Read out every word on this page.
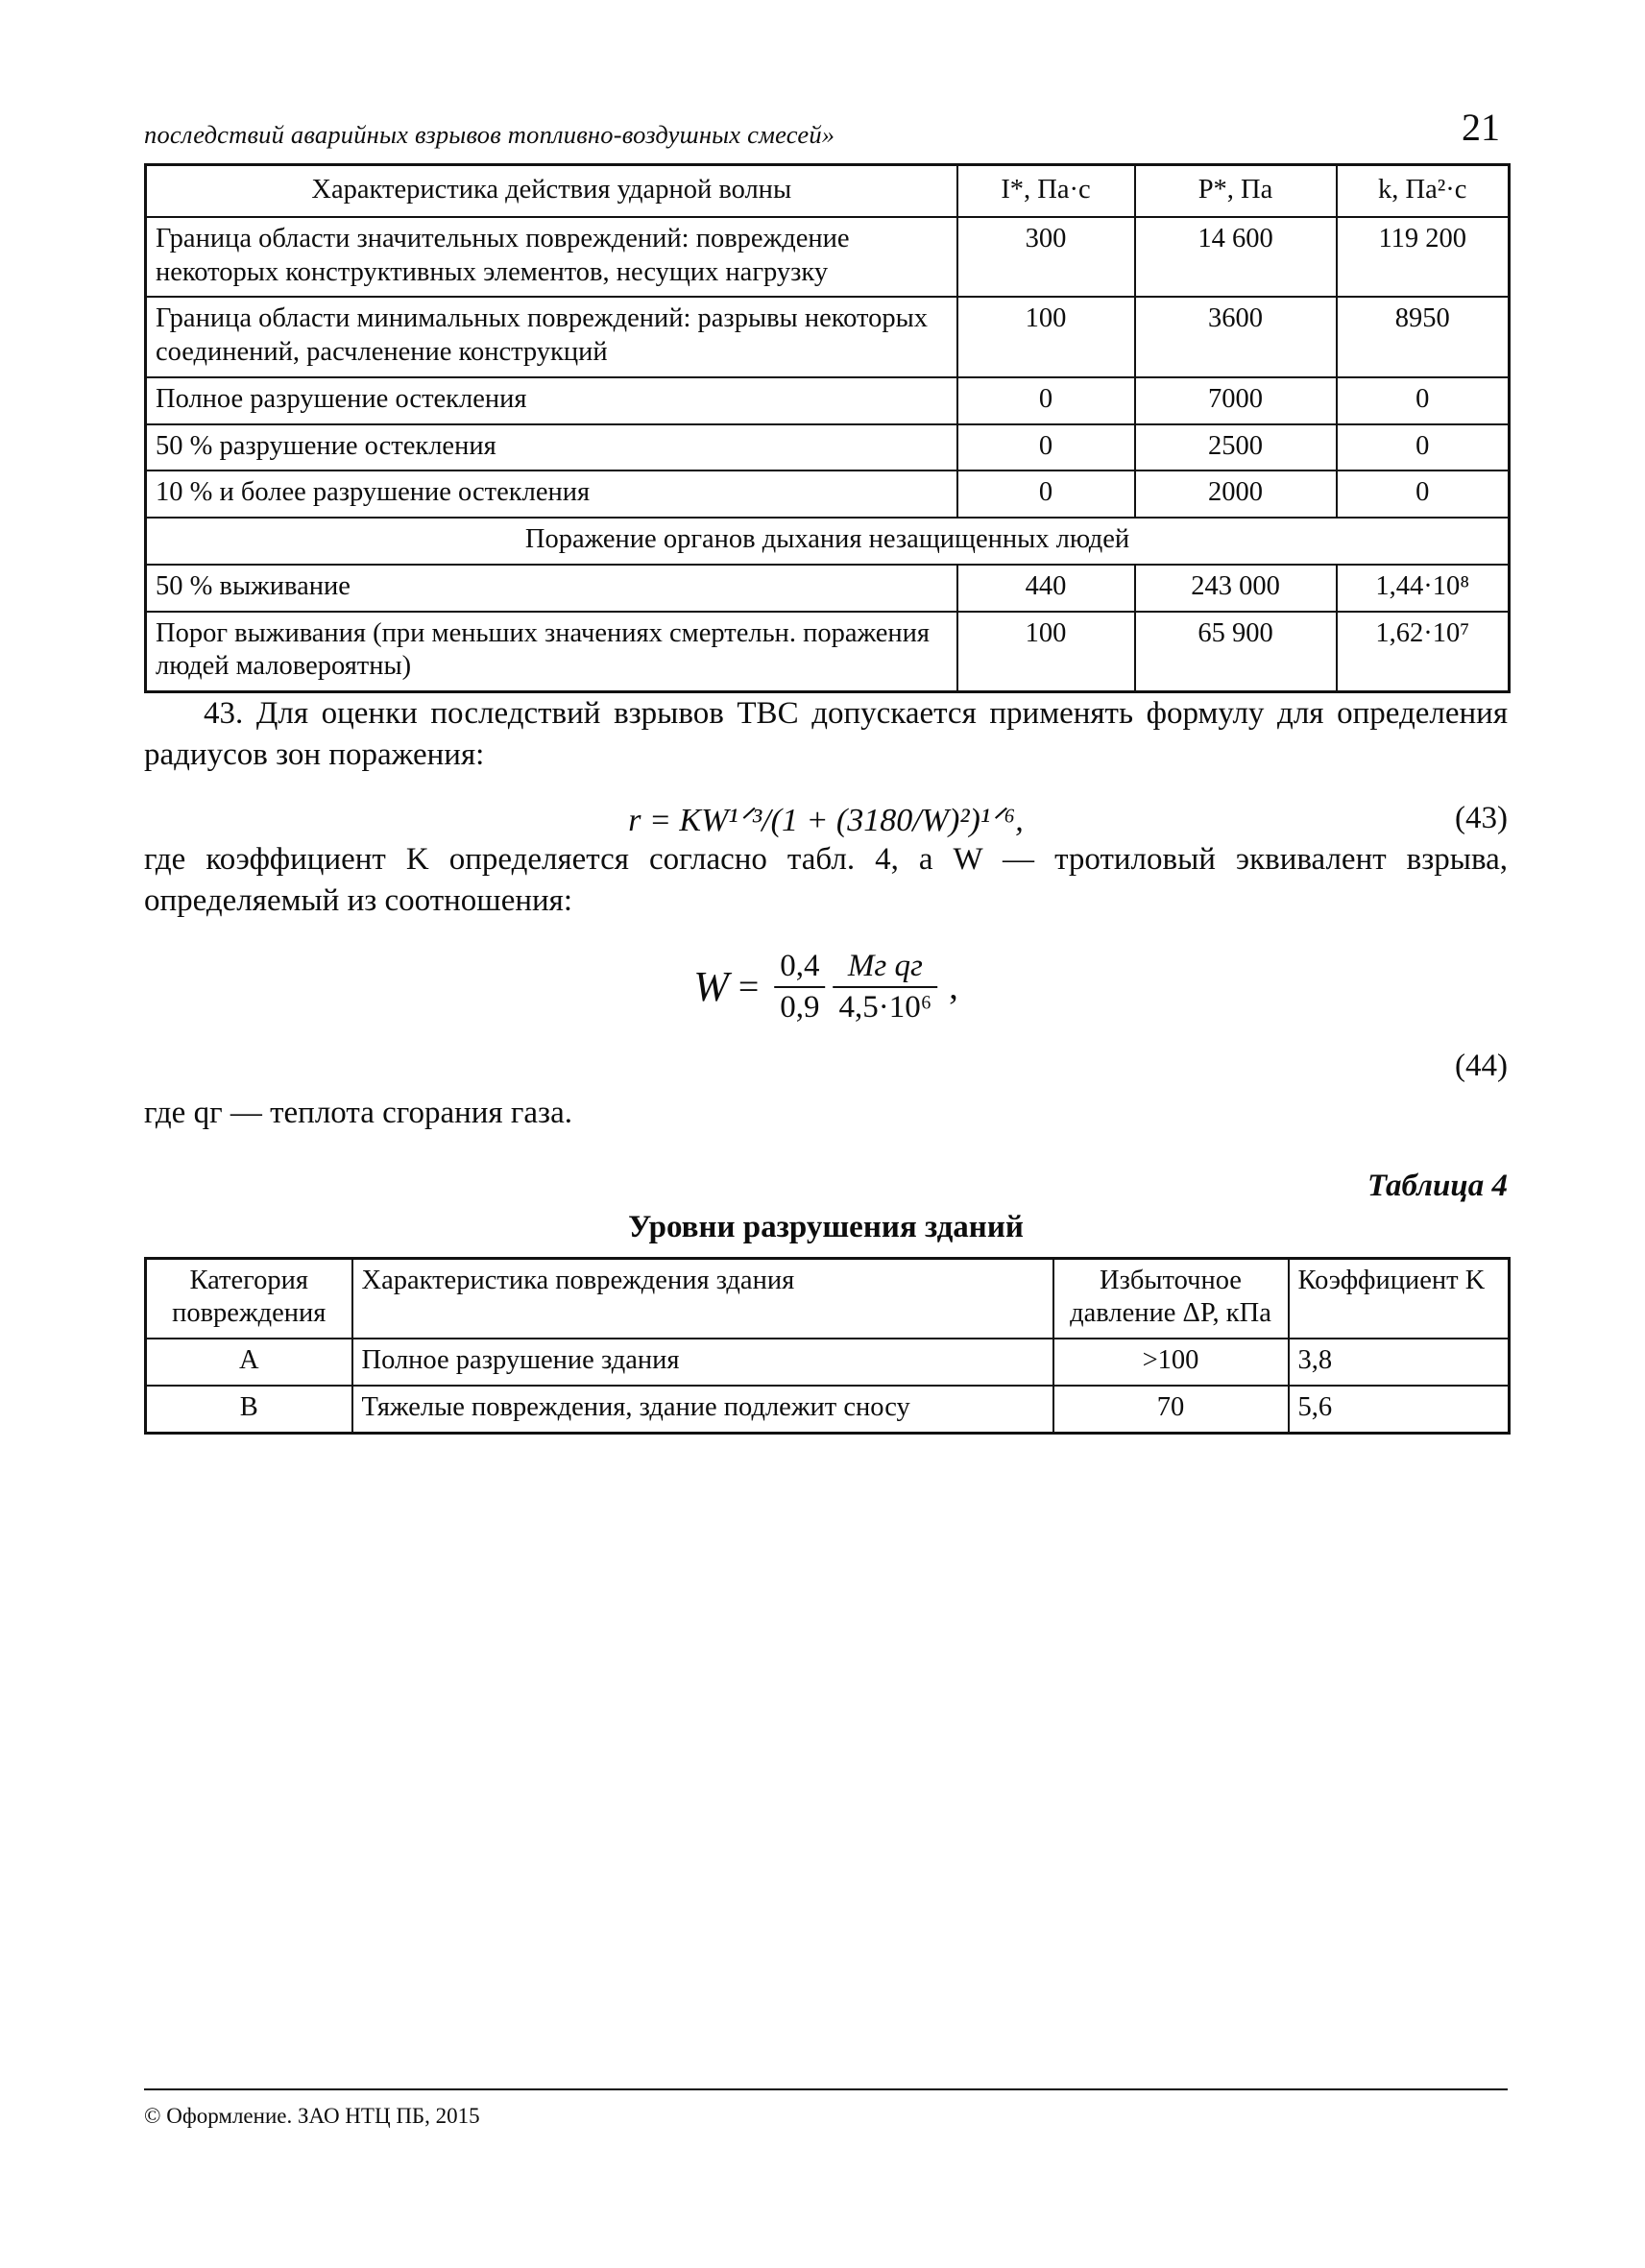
последствий аварийных взрывов топливно-воздушных смесей»	21
Характеристика действия ударной волны	I*, Па·с	P*, Па	k, Па²·с
Граница области значительных повреждений: повреждение некоторых конструктивных элементов, несущих нагрузку	300	14 600	119 200
Граница области минимальных повреждений: разрывы некоторых соединений, расчленение конструкций	100	3600	8950
Полное разрушение остекления	0	7000	0
50 % разрушение остекления	0	2500	0
10 % и более разрушение остекления	0	2000	0
Поражение органов дыхания незащищенных людей			
50 % выживание	440	243 000	1,44·10⁸
Порог выживания (при меньших значениях смертельн. поражения людей маловероятны)	100	65 900	1,62·10⁷

43. Для оценки последствий взрывов ТВС допускается применять формулу для определения радиусов зон поражения:

r = KW¹ᐟ³/(1 + (3180/W)²)¹ᐟ⁶,	(43)

где коэффициент K определяется согласно табл. 4, а W — тротиловый эквивалент взрыва, определяемый из соотношения:

$W = \frac{0,4}{0,9} \frac{\text{Мг qг}}{\text{4,5·10⁶}}$ ,
(44)

где qг — теплота сгорания газа.

Таблица 4
Уровни разрушения зданий
Категория повреждения	Характеристика повреждения здания	Избыточное давление ΔP, кПа	Коэффициент K
А	Полное разрушение здания	>100	3,8
В	Тяжелые повреждения, здание подлежит сносу	70	5,6
© Оформление. ЗАО НТЦ ПБ, 2015
